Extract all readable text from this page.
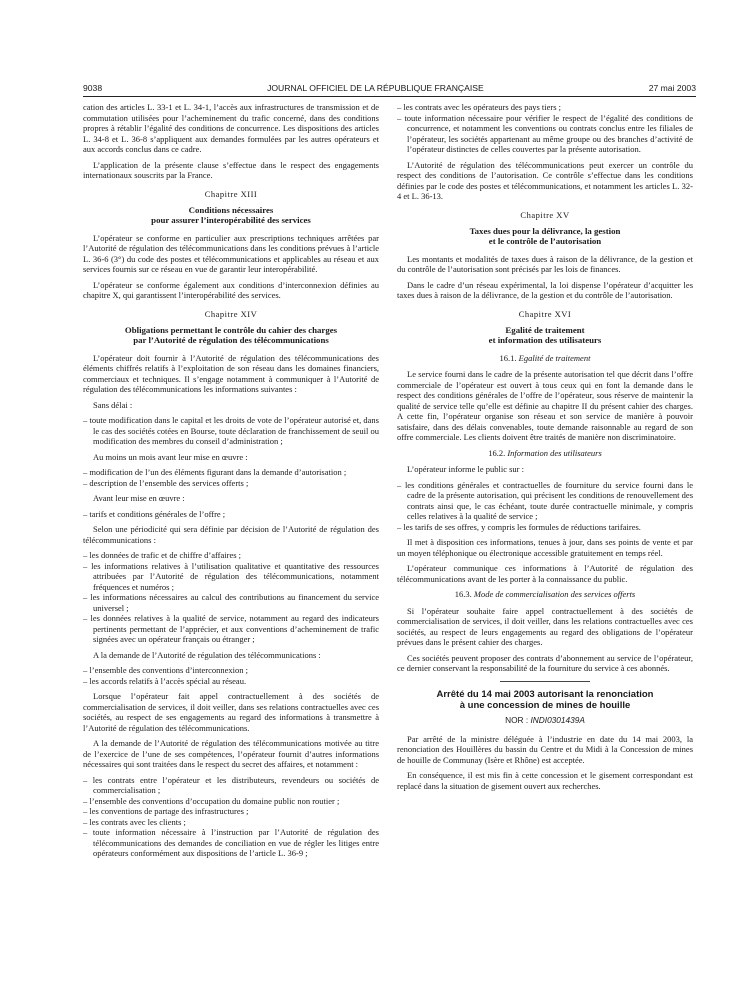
9038	JOURNAL OFFICIEL DE LA RÉPUBLIQUE FRANÇAISE	27 mai 2003

cation des articles L. 33-1 et L. 34-1, l’accès aux infrastructures de transmission et de commutation utilisées pour l’acheminement du trafic concerné, dans des conditions propres à rétablir l’égalité des conditions de concurrence. Les dispositions des articles L. 34-8 et L. 36-8 s’appliquent aux demandes formulées par les autres opérateurs et aux accords conclus dans ce cadre.

L’application de la présente clause s’effectue dans le respect des engagements internationaux souscrits par la France.

Chapitre XIII
Conditions nécessaires
pour assurer l’interopérabilité des services

L’opérateur se conforme en particulier aux prescriptions techniques arrêtées par l’Autorité de régulation des télécommunications dans les conditions prévues à l’article L. 36-6 (3°) du code des postes et télécommunications et applicables au réseau et aux services fournis sur ce réseau en vue de garantir leur interopérabilité.

L’opérateur se conforme également aux conditions d’interconnexion définies au chapitre X, qui garantissent l’interopérabilité des services.

Chapitre XIV
Obligations permettant le contrôle du cahier des charges
par l’Autorité de régulation des télécommunications

L’opérateur doit fournir à l’Autorité de régulation des télécommunications des éléments chiffrés relatifs à l’exploitation de son réseau dans les domaines financiers, commerciaux et techniques. Il s’engage notamment à communiquer à l’Autorité de régulation des télécommunications les informations suivantes :

Sans délai :

– toute modification dans le capital et les droits de vote de l’opérateur autorisé et, dans le cas des sociétés cotées en Bourse, toute déclaration de franchissement de seuil ou modification des membres du conseil d’administration ;

Au moins un mois avant leur mise en œuvre :

– modification de l’un des éléments figurant dans la demande d’autorisation ;
– description de l’ensemble des services offerts ;

Avant leur mise en œuvre :

– tarifs et conditions générales de l’offre ;

Selon une périodicité qui sera définie par décision de l’Autorité de régulation des télécommunications :

– les données de trafic et de chiffre d’affaires ;
– les informations relatives à l’utilisation qualitative et quantitative des ressources attribuées par l’Autorité de régulation des télécommunications, notamment fréquences et numéros ;
– les informations nécessaires au calcul des contributions au financement du service universel ;
– les données relatives à la qualité de service, notamment au regard des indicateurs pertinents permettant de l’apprécier, et aux conventions d’acheminement de trafic signées avec un opérateur français ou étranger ;

A la demande de l’Autorité de régulation des télécommunications :

– l’ensemble des conventions d’interconnexion ;
– les accords relatifs à l’accès spécial au réseau.

Lorsque l’opérateur fait appel contractuellement à des sociétés de commercialisation de services, il doit veiller, dans ses relations contractuelles avec ces sociétés, au respect de ses engagements au regard des informations à transmettre à l’Autorité de régulation des télécommunications.

A la demande de l’Autorité de régulation des télécommunications motivée au titre de l’exercice de l’une de ses compétences, l’opérateur fournit d’autres informations nécessaires qui sont traitées dans le respect du secret des affaires, et notamment :

– les contrats entre l’opérateur et les distributeurs, revendeurs ou sociétés de commercialisation ;
– l’ensemble des conventions d’occupation du domaine public non routier ;
– les conventions de partage des infrastructures ;
– les contrats avec les clients ;
– toute information nécessaire à l’instruction par l’Autorité de régulation des télécommunications des demandes de conciliation en vue de régler les litiges entre opérateurs conformément aux dispositions de l’article L. 36-9 ;
– les contrats avec les opérateurs des pays tiers ;
– toute information nécessaire pour vérifier le respect de l’égalité des conditions de concurrence, et notamment les conventions ou contrats conclus entre les filiales de l’opérateur, les sociétés appartenant au même groupe ou des branches d’activité de l’opérateur distinctes de celles couvertes par la présente autorisation.

L’Autorité de régulation des télécommunications peut exercer un contrôle du respect des conditions de l’autorisation. Ce contrôle s’effectue dans les conditions définies par le code des postes et télécommunications, et notamment les articles L. 32-4 et L. 36-13.

Chapitre XV
Taxes dues pour la délivrance, la gestion
et le contrôle de l’autorisation

Les montants et modalités de taxes dues à raison de la délivrance, de la gestion et du contrôle de l’autorisation sont précisés par les lois de finances.

Dans le cadre d’un réseau expérimental, la loi dispense l’opérateur d’acquitter les taxes dues à raison de la délivrance, de la gestion et du contrôle de l’autorisation.

Chapitre XVI
Egalité de traitement
et information des utilisateurs
16.1. Egalité de traitement

Le service fourni dans le cadre de la présente autorisation tel que décrit dans l’offre commerciale de l’opérateur est ouvert à tous ceux qui en font la demande dans le respect des conditions générales de l’offre de l’opérateur, sous réserve de maintenir la qualité de service telle qu’elle est définie au chapitre II du présent cahier des charges. A cette fin, l’opérateur organise son réseau et son service de manière à pouvoir satisfaire, dans des délais convenables, toute demande raisonnable au regard de son offre commerciale. Les clients doivent être traités de manière non discriminatoire.

16.2. Information des utilisateurs

L’opérateur informe le public sur :

– les conditions générales et contractuelles de fourniture du service fourni dans le cadre de la présente autorisation, qui précisent les conditions de renouvellement des contrats ainsi que, le cas échéant, toute durée contractuelle minimale, y compris celles relatives à la qualité de service ;
– les tarifs de ses offres, y compris les formules de réductions tarifaires.

Il met à disposition ces informations, tenues à jour, dans ses points de vente et par un moyen téléphonique ou électronique accessible gratuitement en temps réel.

L’opérateur communique ces informations à l’Autorité de régulation des télécommunications avant de les porter à la connaissance du public.

16.3. Mode de commercialisation des services offerts

Si l’opérateur souhaite faire appel contractuellement à des sociétés de commercialisation de services, il doit veiller, dans les relations contractuelles avec ces sociétés, au respect de leurs engagements au regard des obligations de l’opérateur prévues dans le présent cahier des charges.

Ces sociétés peuvent proposer des contrats d’abonnement au service de l’opérateur, ce dernier conservant la responsabilité de la fourniture du service à ces abonnés.

Arrêté du 14 mai 2003 autorisant la renonciation
à une concession de mines de houille
NOR : INDI0301439A

Par arrêté de la ministre déléguée à l’industrie en date du 14 mai 2003, la renonciation des Houillères du bassin du Centre et du Midi à la Concession de mines de houille de Communay (Isère et Rhône) est acceptée.

En conséquence, il est mis fin à cette concession et le gisement correspondant est replacé dans la situation de gisement ouvert aux recherches.
